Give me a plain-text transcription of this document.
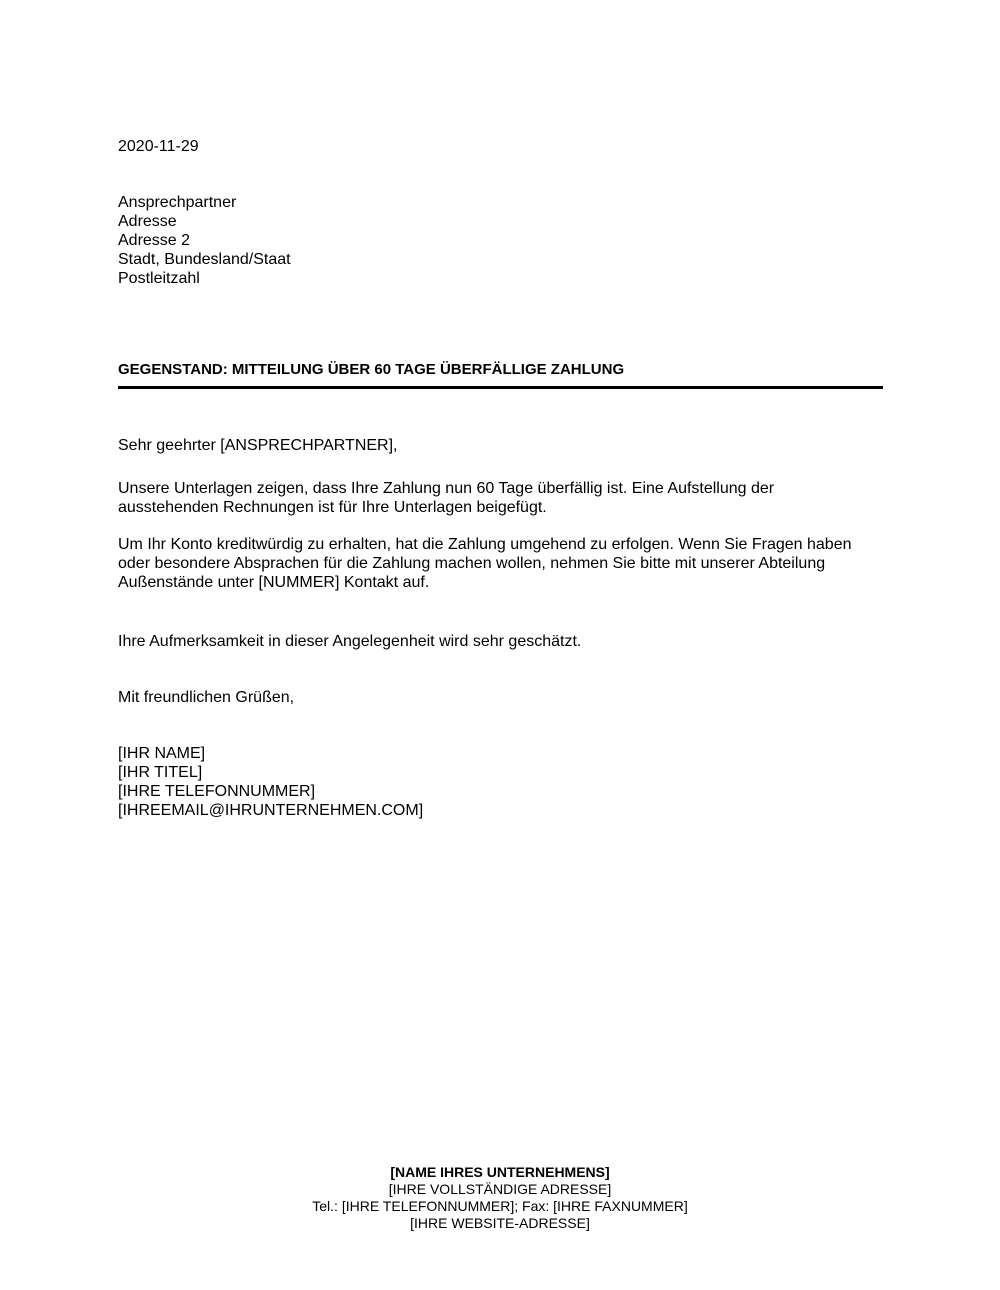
2020-11-29
Ansprechpartner
Adresse
Adresse 2
Stadt, Bundesland/Staat
Postleitzahl
GEGENSTAND: MITTEILUNG ÜBER 60 TAGE ÜBERFÄLLIGE ZAHLUNG
Sehr geehrter [ANSPRECHPARTNER],
Unsere Unterlagen zeigen, dass Ihre Zahlung nun 60 Tage überfällig ist. Eine Aufstellung der
ausstehenden Rechnungen ist für Ihre Unterlagen beigefügt.
Um Ihr Konto kreditwürdig zu erhalten, hat die Zahlung umgehend zu erfolgen. Wenn Sie Fragen haben
oder besondere Absprachen für die Zahlung machen wollen, nehmen Sie bitte mit unserer Abteilung
Außenstände unter [NUMMER] Kontakt auf.
Ihre Aufmerksamkeit in dieser Angelegenheit wird sehr geschätzt.
Mit freundlichen Grüßen,
[IHR NAME]
[IHR TITEL]
[IHRE TELEFONNUMMER]
[IHREEMAIL@IHRUNTERNEHMEN.COM]
[NAME IHRES UNTERNEHMENS]
[IHRE VOLLSTÄNDIGE ADRESSE]
Tel.: [IHRE TELEFONNUMMER]; Fax: [IHRE FAXNUMMER]
[IHRE WEBSITE-ADRESSE]
